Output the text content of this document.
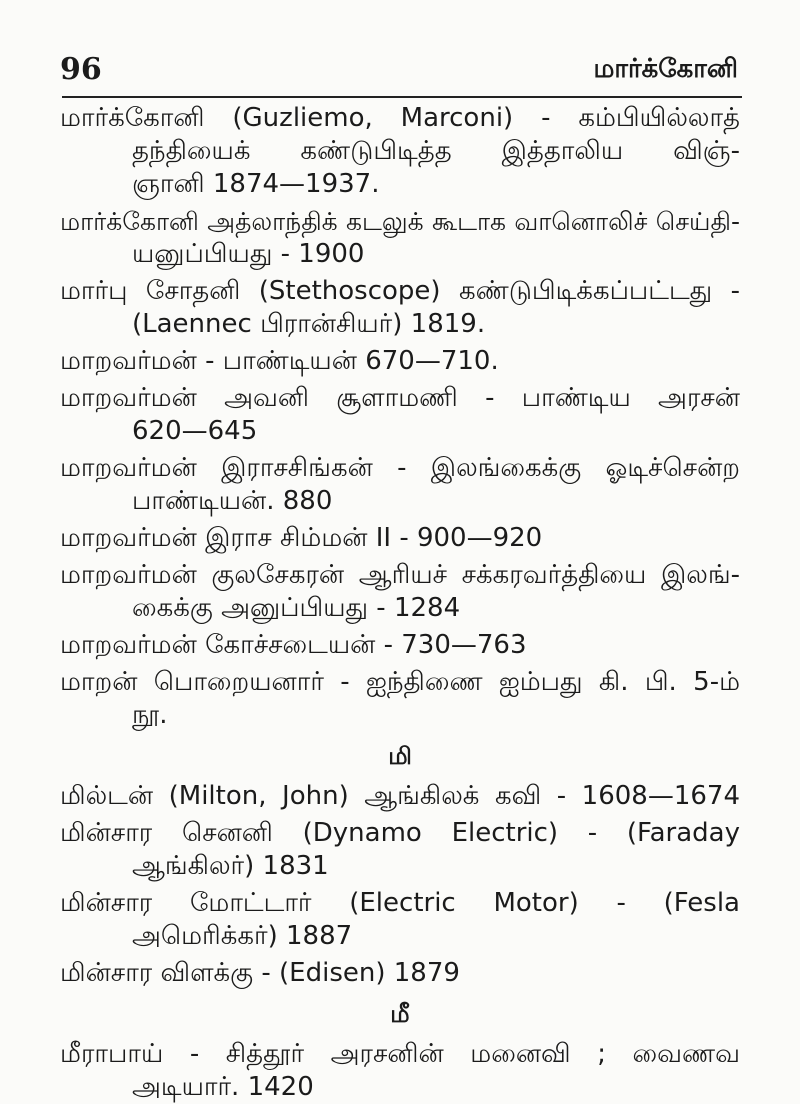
96	மார்க்கோனி
மார்க்கோனி (Guzliemo, Marconi) - கம்பியில்லாத்
தந்தியைக் கண்டுபிடித்த இத்தாலிய விஞ்-
ஞானி 1874—1937.
மார்க்கோனி அத்லாந்திக் கடலுக் கூடாக வானொலிச் செய்தி-
யனுப்பியது - 1900
மார்பு சோதனி (Stethoscope) கண்டுபிடிக்கப்பட்டது -
(Laennec பிரான்சியர்) 1819.
மாறவர்மன் - பாண்டியன் 670—710.
மாறவர்மன் அவனி சூளாமணி - பாண்டிய அரசன்
620—645
மாறவர்மன் இராசசிங்கன் - இலங்கைக்கு ஓடிச்சென்ற
பாண்டியன். 880
மாறவர்மன் இராச சிம்மன் II - 900—920
மாறவர்மன் குலசேகரன் ஆரியச் சக்கரவர்த்தியை இலங்-
கைக்கு அனுப்பியது - 1284
மாறவர்மன் கோச்சடையன் - 730—763
மாறன் பொறையனார் - ஐந்திணை ஐம்பது கி. பி. 5-ம்
நூ.
மி
மில்டன் (Milton, John) ஆங்கிலக் கவி - 1608—1674
மின்சார செனனி (Dynamo Electric) - (Faraday
ஆங்கிலர்) 1831
மின்சார மோட்டார் (Electric Motor) - (Fesla
அமெரிக்கர்) 1887
மின்சார விளக்கு - (Edisen) 1879
மீ
மீராபாய் - சித்தூர் அரசனின் மனைவி ; வைணவ
அடியார். 1420
